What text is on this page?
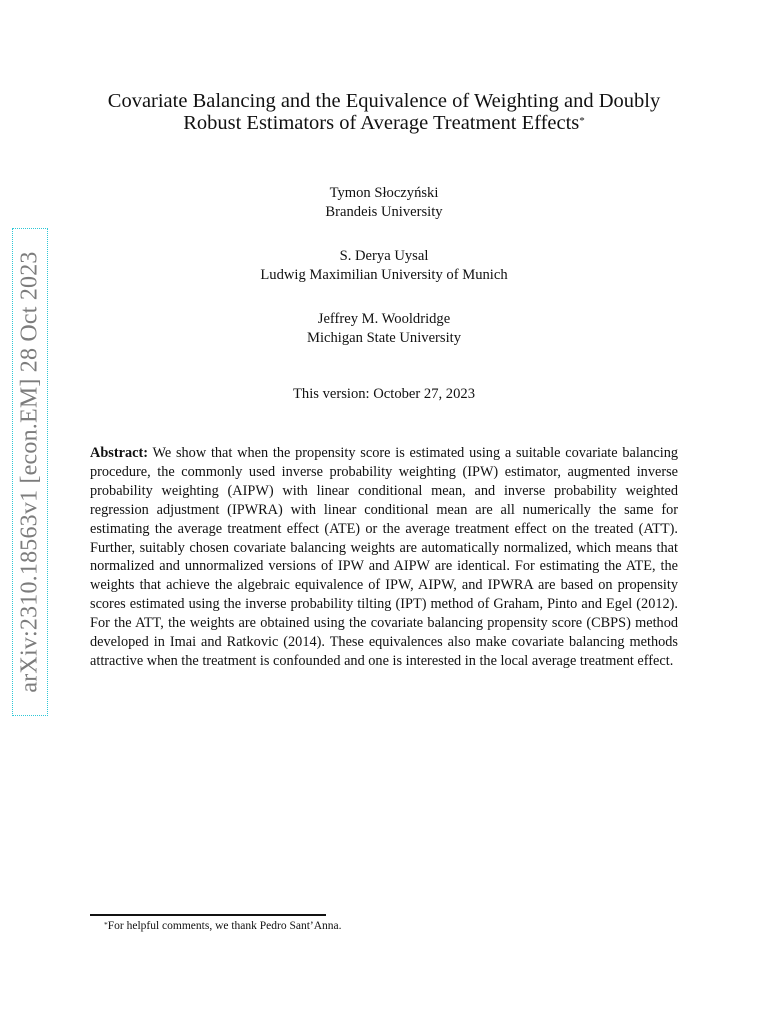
arXiv:2310.18563v1 [econ.EM] 28 Oct 2023
Covariate Balancing and the Equivalence of Weighting and Doubly
Robust Estimators of Average Treatment Effects*
Tymon Słoczyński
Brandeis University
S. Derya Uysal
Ludwig Maximilian University of Munich
Jeffrey M. Wooldridge
Michigan State University
This version: October 27, 2023
Abstract: We show that when the propensity score is estimated using a suitable covariate balancing procedure, the commonly used inverse probability weighting (IPW) estimator, augmented inverse probability weighting (AIPW) with linear conditional mean, and inverse probability weighted regression adjustment (IPWRA) with linear conditional mean are all numerically the same for estimating the average treatment effect (ATE) or the average treatment effect on the treated (ATT). Further, suitably chosen covariate balancing weights are automatically normalized, which means that normalized and unnormalized versions of IPW and AIPW are identical. For estimating the ATE, the weights that achieve the algebraic equivalence of IPW, AIPW, and IPWRA are based on propensity scores estimated using the inverse probability tilting (IPT) method of Graham, Pinto and Egel (2012). For the ATT, the weights are obtained using the covariate balancing propensity score (CBPS) method developed in Imai and Ratkovic (2014). These equivalences also make covariate balancing methods attractive when the treatment is confounded and one is interested in the local average treatment effect.
*For helpful comments, we thank Pedro Sant’Anna.
